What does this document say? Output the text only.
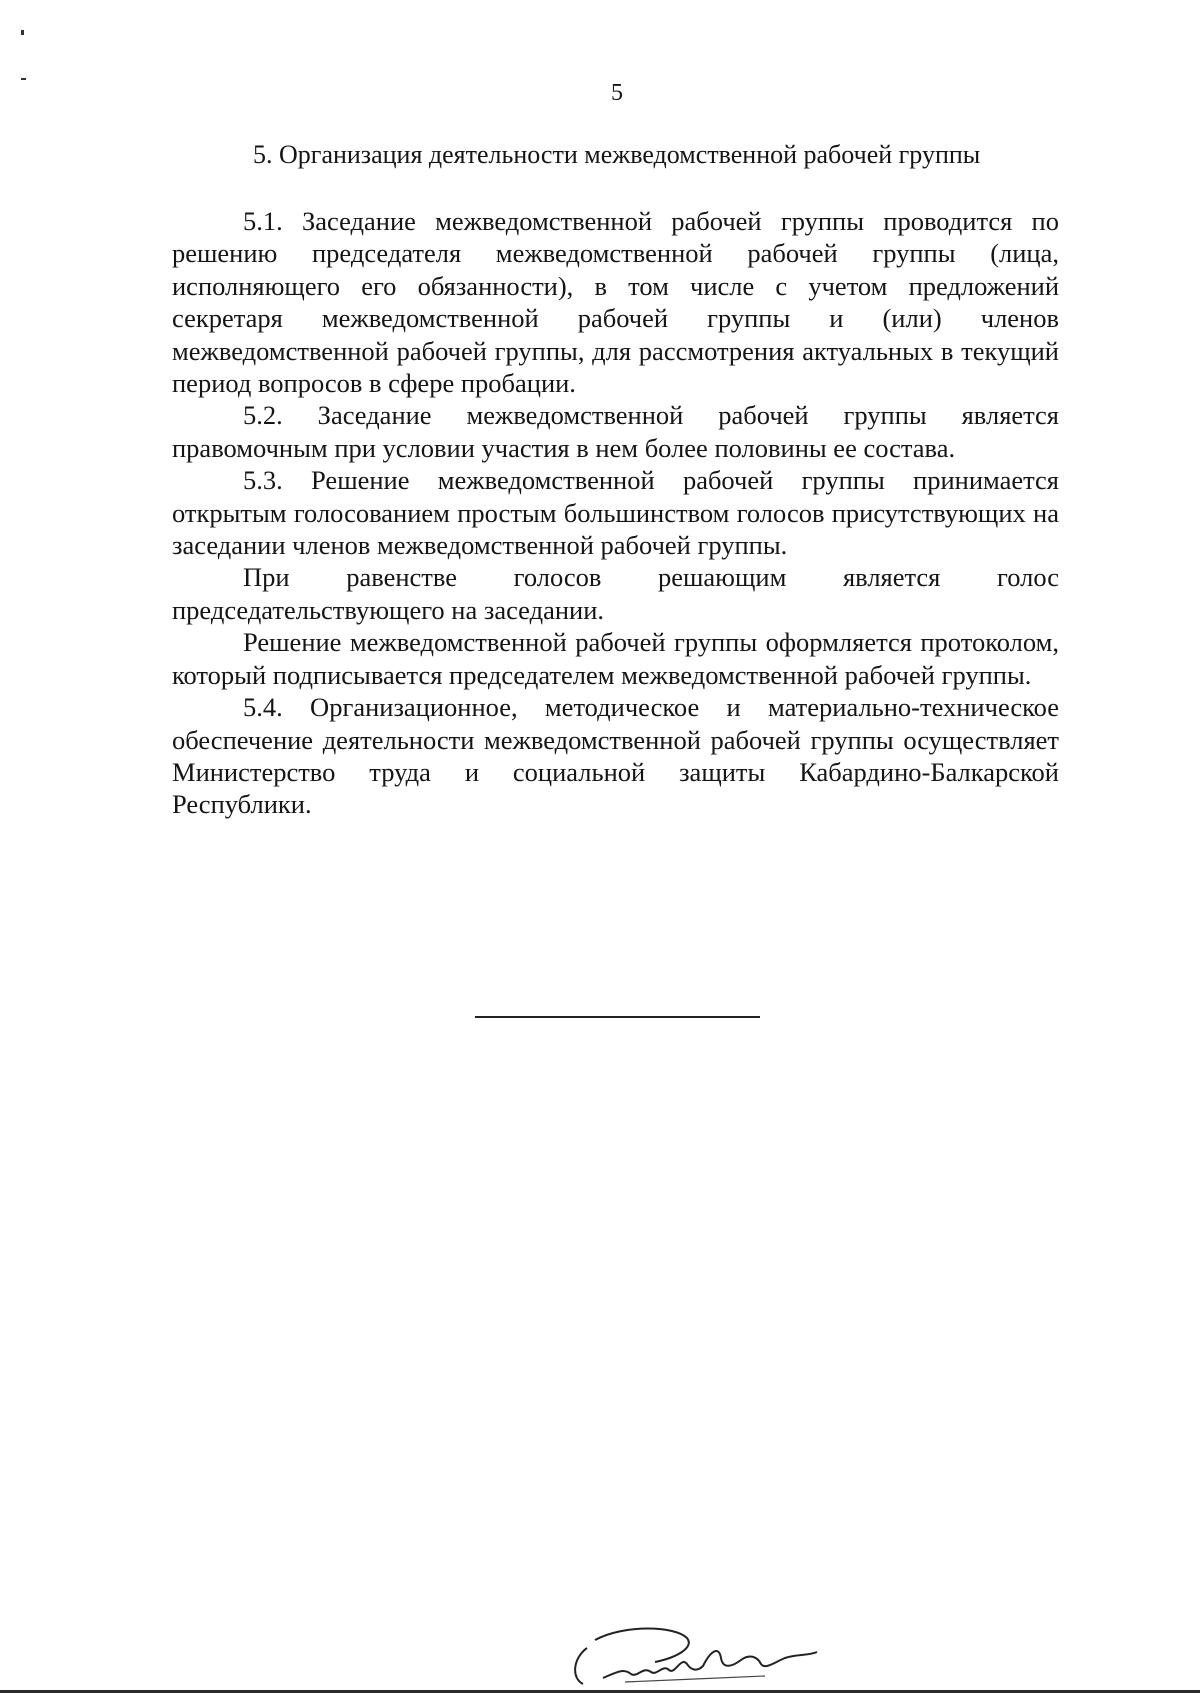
5
5. Организация деятельности межведомственной рабочей группы

5.1. Заседание межведомственной рабочей группы проводится по решению председателя межведомственной рабочей группы (лица, исполняющего его обязанности), в том числе с учетом предложений секретаря межведомственной рабочей группы и (или) членов межведомственной рабочей группы, для рассмотрения актуальных в текущий период вопросов в сфере пробации.

5.2. Заседание межведомственной рабочей группы является правомочным при условии участия в нем более половины ее состава.

5.3. Решение межведомственной рабочей группы принимается открытым голосованием простым большинством голосов присутствующих на заседании членов межведомственной рабочей группы.

При равенстве голосов решающим является голос председательствующего на заседании.

Решение межведомственной рабочей группы оформляется протоколом, который подписывается председателем межведомственной рабочей группы.

5.4. Организационное, методическое и материально-техническое обеспечение деятельности межведомственной рабочей группы осуществляет Министерство труда и социальной защиты Кабардино-Балкарской Республики.
